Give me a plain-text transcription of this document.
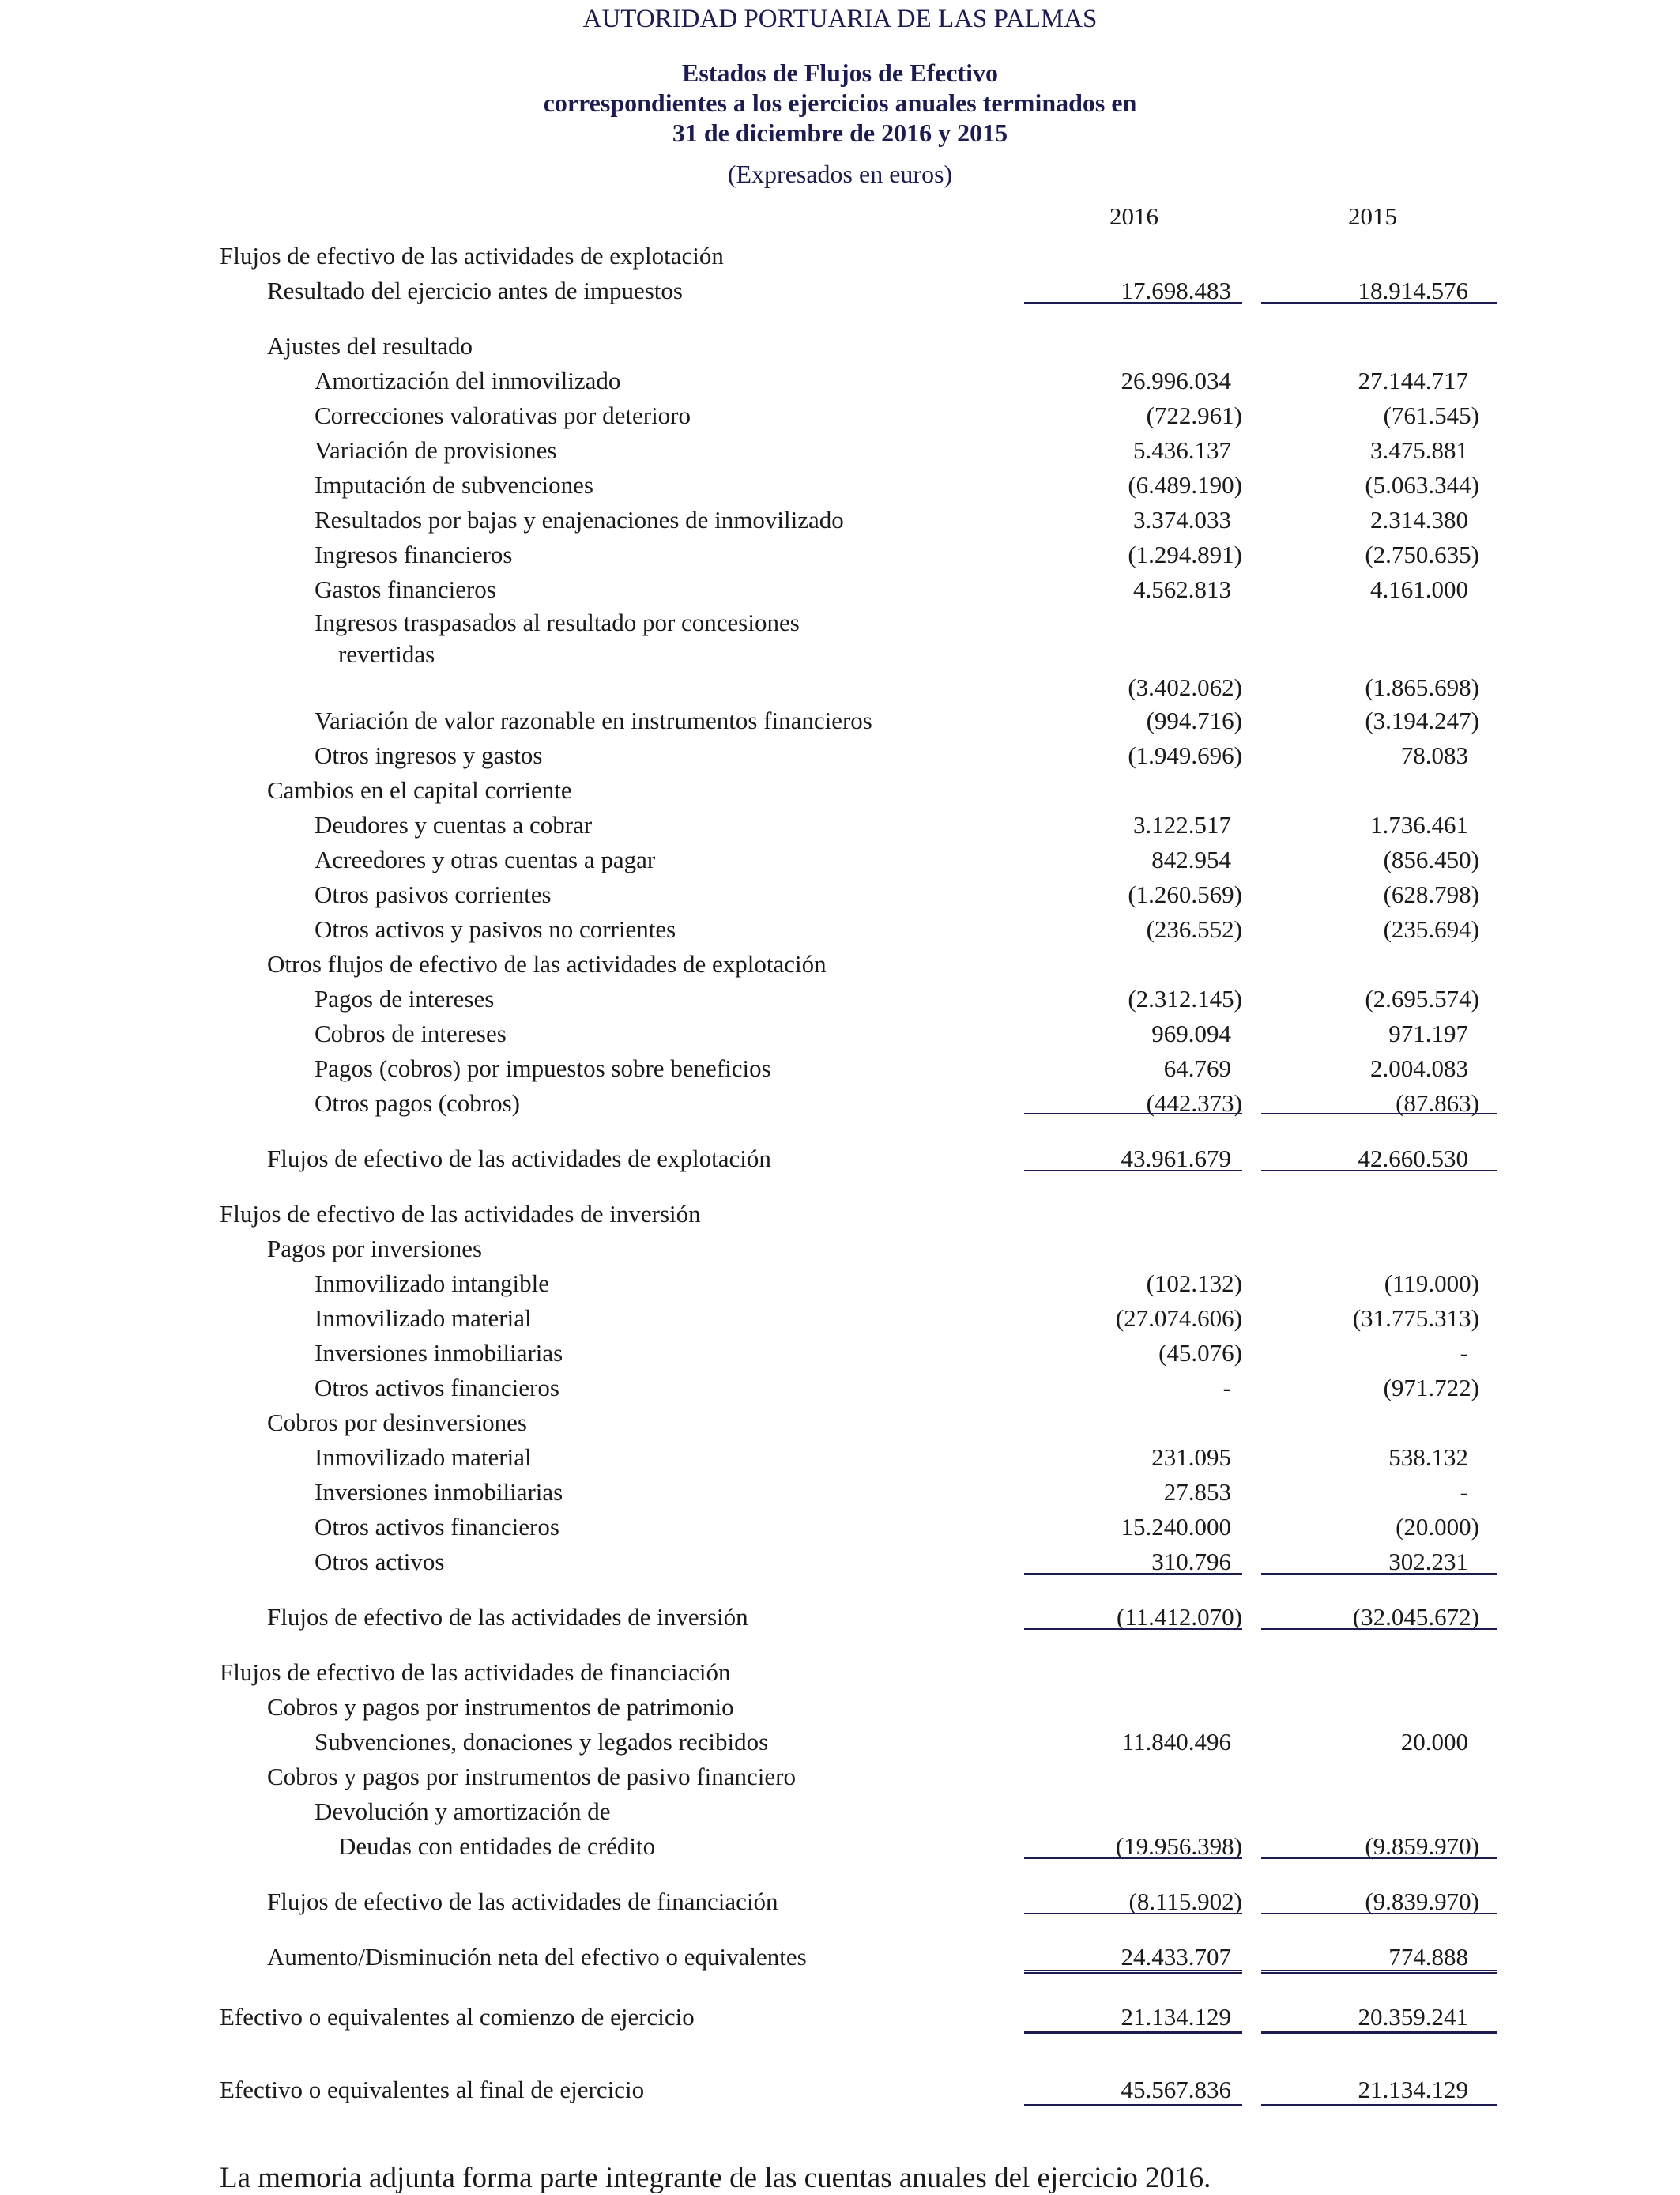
AUTORIDAD PORTUARIA DE LAS PALMAS
Estados de Flujos de Efectivo
correspondientes a los ejercicios anuales terminados en
31 de diciembre de 2016 y 2015
(Expresados en euros)
2016	2015
Flujos de efectivo de las actividades de explotación
Resultado del ejercicio antes de impuestos	17.698.483	18.914.576
Ajustes del resultado
Amortización del inmovilizado	26.996.034	27.144.717
Correcciones valorativas por deterioro	(722.961)	(761.545)
Variación de provisiones	5.436.137	3.475.881
Imputación de subvenciones	(6.489.190)	(5.063.344)
Resultados por bajas y enajenaciones de inmovilizado	3.374.033	2.314.380
Ingresos financieros	(1.294.891)	(2.750.635)
Gastos financieros	4.562.813	4.161.000
Ingresos traspasados al resultado por concesiones
revertidas
(3.402.062)	(1.865.698)
Variación de valor razonable en instrumentos financieros	(994.716)	(3.194.247)
Otros ingresos y gastos	(1.949.696)	78.083
Cambios en el capital corriente
Deudores y cuentas a cobrar	3.122.517	1.736.461
Acreedores y otras cuentas a pagar	842.954	(856.450)
Otros pasivos corrientes	(1.260.569)	(628.798)
Otros activos y pasivos no corrientes	(236.552)	(235.694)
Otros flujos de efectivo de las actividades de explotación
Pagos de intereses	(2.312.145)	(2.695.574)
Cobros de intereses	969.094	971.197
Pagos (cobros) por impuestos sobre beneficios	64.769	2.004.083
Otros pagos (cobros)	(442.373)	(87.863)
Flujos de efectivo de las actividades de explotación	43.961.679	42.660.530
Flujos de efectivo de las actividades de inversión
Pagos por inversiones
Inmovilizado intangible	(102.132)	(119.000)
Inmovilizado material	(27.074.606)	(31.775.313)
Inversiones inmobiliarias	(45.076)	-
Otros activos financieros	-	(971.722)
Cobros por desinversiones
Inmovilizado material	231.095	538.132
Inversiones inmobiliarias	27.853	-
Otros activos financieros	15.240.000	(20.000)
Otros activos	310.796	302.231
Flujos de efectivo de las actividades de inversión	(11.412.070)	(32.045.672)
Flujos de efectivo de las actividades de financiación
Cobros y pagos por instrumentos de patrimonio
Subvenciones, donaciones y legados recibidos	11.840.496	20.000
Cobros y pagos por instrumentos de pasivo financiero
Devolución y amortización de
Deudas con entidades de crédito	(19.956.398)	(9.859.970)
Flujos de efectivo de las actividades de financiación	(8.115.902)	(9.839.970)
Aumento/Disminución neta del efectivo o equivalentes	24.433.707	774.888
Efectivo o equivalentes al comienzo de ejercicio	21.134.129	20.359.241
Efectivo o equivalentes al final de ejercicio	45.567.836	21.134.129
La memoria adjunta forma parte integrante de las cuentas anuales del ejercicio 2016.
